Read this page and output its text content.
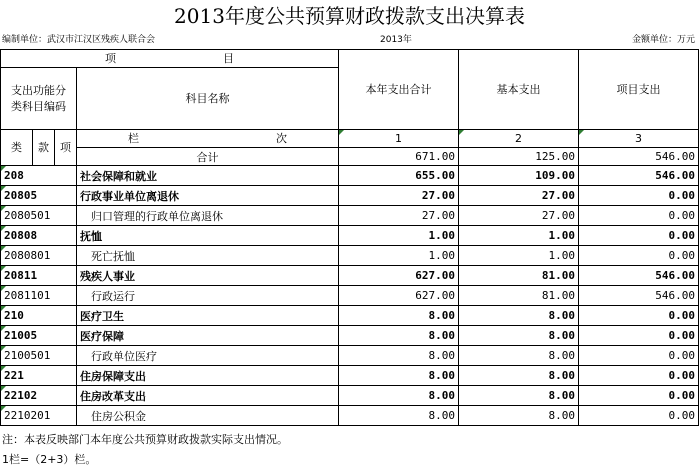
2013年度公共预算财政拨款支出决算表
编制单位：武汉市江汉区残疾人联合会	2013年	金额单位：万元
项 目				本年支出合计	基本支出	项目支出

支出功能分
类科目编码			科目名称			

类	款	项	栏 次	1	2	3
			合计	671.00	125.00	546.00

208			社会保障和就业	655.00	109.00	546.00

20805			行政事业单位离退休	27.00	27.00	0.00

2080501			归口管理的行政单位离退休	27.00	27.00	0.00

20808			抚恤	1.00	1.00	0.00

2080801			死亡抚恤	1.00	1.00	0.00

20811			残疾人事业	627.00	81.00	546.00

2081101			行政运行	627.00	81.00	546.00

210			医疗卫生	8.00	8.00	0.00

21005			医疗保障	8.00	8.00	0.00

2100501			行政单位医疗	8.00	8.00	0.00

221			住房保障支出	8.00	8.00	0.00

22102			住房改革支出	8.00	8.00	0.00

2210201			住房公积金	8.00	8.00	0.00
注：本表反映部门本年度公共预算财政拨款实际支出情况。
1栏=（2+3）栏。
